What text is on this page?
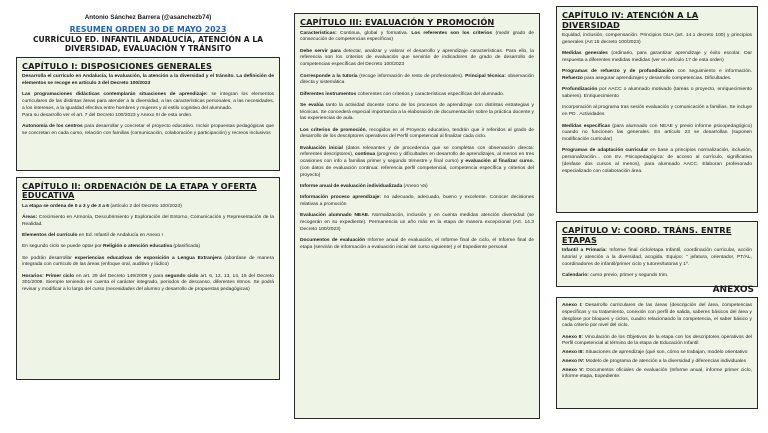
Antonio Sánchez Barrera (@asanchezb74)
RESUMEN ORDEN 30 DE MAYO 2023
CURRÍCULO ED. INFANTIL ANDALUCÍA, ATENCIÓN A LA
DIVERSIDAD, EVALUACIÓN Y TRÁNSITO
CAPÍTULO I: DISPOSICIONES GENERALES

Desarrolla el currículo en Andalucía, la evaluación, la atención a la diversidad y el tránsito. La definición de elementos se recoge en artículo 3 del Decreto 100/2023

Las programaciones didácticas contemplarán situaciones de aprendizaje: se integran los elementos curriculares de las distintas áreas para atender a la diversidad, a las características personales, a las necesidades, a los intereses, a la igualdad efectiva entre hombres y mujeres y al estilo cognitivo del alumnado.
Para su desarrollo ver el art. 7 del Decreto 100/2023 y Anexo III de esta orden.

Autonomía de los centros para desarrollar y concretar el proyecto educativo. Incluir propuestas pedagógicas que se concretan en cada curso, relación con familias (comunicación, colaboración y participación) y recreos inclusivos

CAPÍTULO II: ORDENACIÓN DE LA ETAPA Y OFERTA EDUCATIVA

La etapa se ordena de 0 a 3 y de 3 a 6 (artículo 2 del Decreto 100/2023)

Áreas: Crecimiento en Armonía, Descubrimiento y Exploración del Entorno, Comunicación y Representación de la Realidad.

Elementos del currículo en Ed. Infantil de Andalucía en Anexo I

En segundo ciclo se puede optar por Religión o atención educativa (planificada)

Se podrán desarrollar experiencias educativas de exposición a Lengua Extranjera (abordase de manera integrada con curriculo de las áreas (enfoque oral, auditivo y lúdico)

Horarios: Primer ciclo en art. 29 del Decreto 149/2009 y para segundo ciclo art. 6, 12, 13, 14, 15 del Decreto 301/2009. Siempre teniendo en cuenta el carácter integrado, periodos de descanso, diferentes ritmos. Se podrá revisar y modificar a lo largo del curso (necesidades del alumno y desarrollo de propuestas pedagógicas)

CAPÍTULO III: EVALUACIÓN Y PROMOCIÓN

Características: Continua, global y formativa. Los referentes son los criterios (medir grado de consecución de competencias específicas)

Debe servir para detectar, analizar y valorar el desarrollo y aprendizaje características. Para ello, la referencia son los criterios de evaluación que servirán de indicadores de grado de desarrollo de competencias específicas del Decreto 100/2023

Corresponde a la tutoría (recoge información de resto de profesionales). Principal técnica: observación directa y sistemática

Diferentes instrumentos coherentes con criterios y características específicas del alumnado.

Se evalúa tanto la actividad docente como de los procesos de aprendizaje con distintas estrategias y técnicas. Se concederá especial importancia a la elaboración de documentación sobre la práctica docente y las experiencias de aula.

Los criterios de promoción, recogidos en el Proyecto educativo, tendrán que ir referidos al grado de desarrollo de los descriptores operativos del Perfil competencial al finalizar cada ciclo.

Evaluación inicial (datos relevantes y de procedencia que se completan con observación directa: referentes descriptores), continua (progreso y dificultades en desarrollo de aprendizajes, al menos en tres ocasiones con info a familias primer y segundo trimestre y final curso) y evaluación al finalizar curso. (con datos de evaluación continua: referencia perfil competencial, competencia específica y criterios del proyecto)

Informe anual de evaluación individualizada (Anexo Va)

Información proceso aprendizaje: no adecuado, adecuado, bueno y excelente. Conocer decisiones relativas a promoción

Evaluación alumnado NEAE. Normalización, inclusión y en cuenta medidas atención diversidad (se recogerán en su expediente). Permanencia un año más en la etapa de manera excepcional (Art. 14.3 Decreto 100/2023)

Documentos de evaluación Informe anual de evaluación, el Informe final de ciclo, el Informe final de etapa (servirán de información a evaluación inicial del curso siguiente) y el Expediente personal

CAPÍTULO IV: ATENCIÓN A LA DIVERSIDAD

Equidad, inclusión, compensación. Principios DUA (art. 14.1 decreto 100) y principios generales (Art 15 decreto 100/2023)

Medidas generales (ordinario, para garantizar aprendizaje y éxito escolar. Dar respuesta a diferentes medidas medidas (ver en artículo 17 de esta orden)

Programas de refuerzo y de profundización con seguimiento e información. Refuerzo para asegurar aprendizajes y desarrollo competencias. Dificultades.

Profundización por AACC o alumnado motivado (tareas o proyecto, enriquecimiento saberes). Enriquecimiento

Incorporación al programa tras sesión evaluación y comunicación a familias. Se incluye en PD . Actividades

Medidas específicas (para alumnado con NEAE y previo informe psicopedagógico) cuando no funcionen las generales. En artículo 23 se desarrollan (suponen modificación curricular)

Programas de adaptación curricular en base a principios normalización, inclusión, personalización... con Ev. Psicopedagógica: de acceso al currículo, significativa (desfase dos cursos al menos), para alumnado AACC. Elaboran profesorado especializado con colaboración área.

CAPÍTULO V: COORD. TRÁNS. ENTRE ETAPAS

Infantil a Primaria: Informe final ciclo/etapa Infantil, coordinación curricular, acción tutorial y atención a la diversidad, acogida. Equipo: " jefatura, orientador, PT/AL, coordinadores de infantil/primer ciclo y tutores/tutoras y 1º.

Calendario: curso previo, primer y segundo trim.

ANEXOS

Anexo I: Desarrollo curriculares de las áreas (descripción del área, competencias específicas y su tratamiento, conexión con perfil de salida, saberes básicos del área y desglose por bloques y ciclos, cuadro relacionando la competencia, el saber básico y cada criterio por nivel del ciclo.

Anexo II: Vinculación de los Objetivos de la etapa con los descriptores operativos del Perfil competencial al término de la etapa de Educación Infantil

Anexo III: Situaciones de aprendizaje (qué son, cómo se trabajan, modelo orientativo

Anexo IV: Modelo de programa de atención a la diversidad y diferencias individuales

Anexo V: Documentos oficiales de evaluación (Informe anual, informe primer ciclo, informe etapa, Expediente.
